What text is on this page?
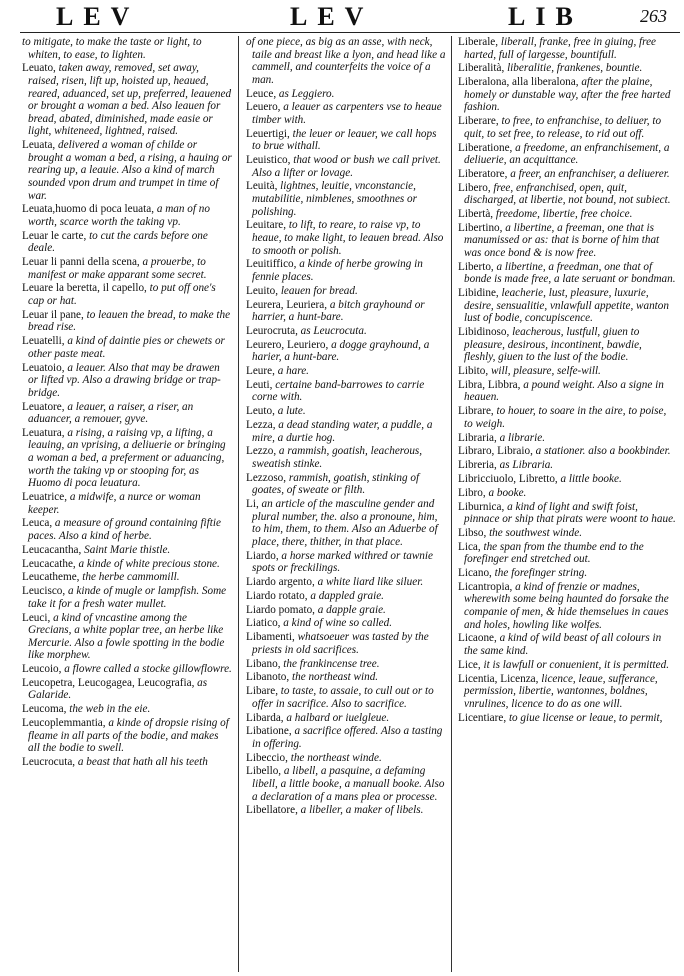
LEV	LEV	LIB	263
to mitigate, to make the taste or light, to whiten, to ease, to lighten.
Leuato, taken away, removed, set away, raised, risen, lift up, hoisted up, heaued, reared, aduanced, set up, preferred, leauened or brought a woman a bed. Also leauen for bread, abated, diminished, made easie or light, whiteneed, lightned, raised.
Leuata, delivered a woman of childe or brought a woman a bed, a rising, a hauing or rearing up, a leauie. Also a kind of march sounded vpon drum and trumpet in time of war.
Leuata,huomo di poca leuata, a man of no worth, scarce worth the taking vp.
Leuar le carte, to cut the cards before one deale.
Leuar li panni della scena, a prouerbe, to manifest or make apparant some secret.
Leuare la beretta, il capello, to put off one's cap or hat.
Leuar il pane, to leauen the bread, to make the bread rise.
Leuatelli, a kind of daintie pies or chewets or other paste meat.
Leuatoio, a leauer. Also that may be drawen or lifted vp. Also a drawing bridge or trap-bridge.
Leuatore, a leauer, a raiser, a riser, an aduancer, a remouer, gyve.
Leuatura, a rising, a raising vp, a lifting, a leauing, an vprising, a deliuerie or bringing a woman a bed, a preferment or aduancing, worth the taking vp or stooping for, as Huomo di poca leuatura.
Leuatrice, a midwife, a nurce or woman keeper.
Leuca, a measure of ground containing fiftie paces. Also a kind of herbe.
Leucacantha, Saint Marie thistle.
Leucacathe, a kinde of white precious stone.
Leucatheme, the herbe cammomill.
Leucisco, a kinde of mugle or lampfish. Some take it for a fresh water mullet.
Leuci, a kind of vncastine among the Grecians, a white poplar tree, an herbe like Mercurie. Also a fowle spotting in the bodie like morphew.
Leucoio, a flowre called a stocke gillowflowre.
Leucopetra, Leucogagea, Leucografia, as Galaride.
Leucoma, the web in the eie.
Leucoplemmantia, a kinde of dropsie rising of fleame in all parts of the bodie, and makes all the bodie to swell.
Leucrocuta, a beast that hath all his teeth
of one piece, as big as an asse, with neck, taile and breast like a lyon, and head like a cammell, and counterfeits the voice of a man.
Leuce, as Leggiero.
Leuero, a leauer as carpenters vse to heaue timber with.
Leuertigi, the leuer or leauer, we call hops to brue withall.
Leuistico, that wood or bush we call privet. Also a lifter or lovage.
Leuità, lightnes, leuitie, vnconstancie, mutabilitie, nimblenes, smoothnes or polishing.
Leuitare, to lift, to reare, to raise vp, to heaue, to make light, to leauen bread. Also to smooth or polish.
Leuitiffico, a kinde of herbe growing in fennie places.
Leuito, leauen for bread.
Leurera, Leuriera, a bitch grayhound or harrier, a hunt-bare.
Leurocruta, as Leucrocuta.
Leurero, Leuriero, a dogge grayhound, a harier, a hunt-bare.
Leure, a hare.
Leuti, certaine band-barrowes to carrie corne with.
Leuto, a lute.
Lezza, a dead standing water, a puddle, a mire, a durtie hog.
Lezzo, a rammish, goatish, leacherous, sweatish stinke.
Lezzoso, rammish, goatish, stinking of goates, of sweate or filth.
Li, an article of the masculine gender and plural number, the. also a pronoune, him, to him, them, to them. Also an Aduerbe of place, there, thither, in that place.
Liardo, a horse marked withred or tawnie spots or freckilings.
Liardo argento, a white liard like siluer.
Liardo rotato, a dappled graie.
Liardo pomato, a dapple graie.
Liatico, a kind of wine so called.
Libamenti, whatsoeuer was tasted by the priests in old sacrifices.
Libano, the frankincense tree.
Libanoto, the northeast wind.
Libare, to taste, to assaie, to cull out or to offer in sacrifice. Also to sacrifice.
Libarda, a halbard or iuelgleue.
Libatione, a sacrifice offered. Also a tasting in offering.
Libeccio, the northeast winde.
Libello, a libell, a pasquine, a defaming libell, a little booke, a manuall booke. Also a declaration of a mans plea or processe.
Libellatore, a libeller, a maker of libels.
Liberale, liberall, franke, free in giuing, free harted, full of largesse, bountifull.
Liberalità, liberalitie, frankenes, bountie.
Liberalona, alla liberalona, after the plaine, homely or dunstable way, after the free harted fashion.
Liberare, to free, to enfranchise, to deliuer, to quit, to set free, to release, to rid out off.
Liberatione, a freedome, an enfranchisement, a deliuerie, an acquittance.
Liberatore, a freer, an enfranchiser, a deliuerer.
Libero, free, enfranchised, open, quit, discharged, at libertie, not bound, not subiect.
Libertà, freedome, libertie, free choice.
Libertino, a libertine, a freeman, one that is manumissed or as: that is borne of him that was once bond & is now free.
Liberto, a libertine, a freedman, one that of bonde is made free, a late seruant or bondman.
Libidine, leacherie, lust, pleasure, luxurie, desire, sensualitie, vnlawfull appetite, wanton lust of bodie, concupiscence.
Libidinoso, leacherous, lustfull, giuen to pleasure, desirous, incontinent, bawdie, fleshly, giuen to the lust of the bodie.
Libito, will, pleasure, selfe-will.
Libra, Libbra, a pound weight. Also a signe in heauen.
Librare, to houer, to soare in the aire, to poise, to weigh.
Libraria, a librarie.
Libraro, Libraio, a stationer. also a bookbinder.
Libreria, as Libraria.
Libricciuolo, Libretto, a little booke.
Libro, a booke.
Liburnica, a kind of light and swift foist, pinnace or ship that pirats were woont to haue.
Libso, the southwest winde.
Lica, the span from the thumbe end to the forefinger end stretched out.
Licano, the forefinger string.
Licantropia, a kind of frenzie or madnes, wherewith some being haunted do forsake the companie of men, & hide themselues in caues and holes, howling like wolfes.
Licaone, a kind of wild beast of all colours in the same kind.
Lice, it is lawfull or conuenient, it is permitted.
Licentia, Licenza, licence, leaue, sufferance, permission, libertie, wantonnes, boldnes, vnrulines, licence to do as one will.
Licentiare, to giue license or leaue, to permit,
